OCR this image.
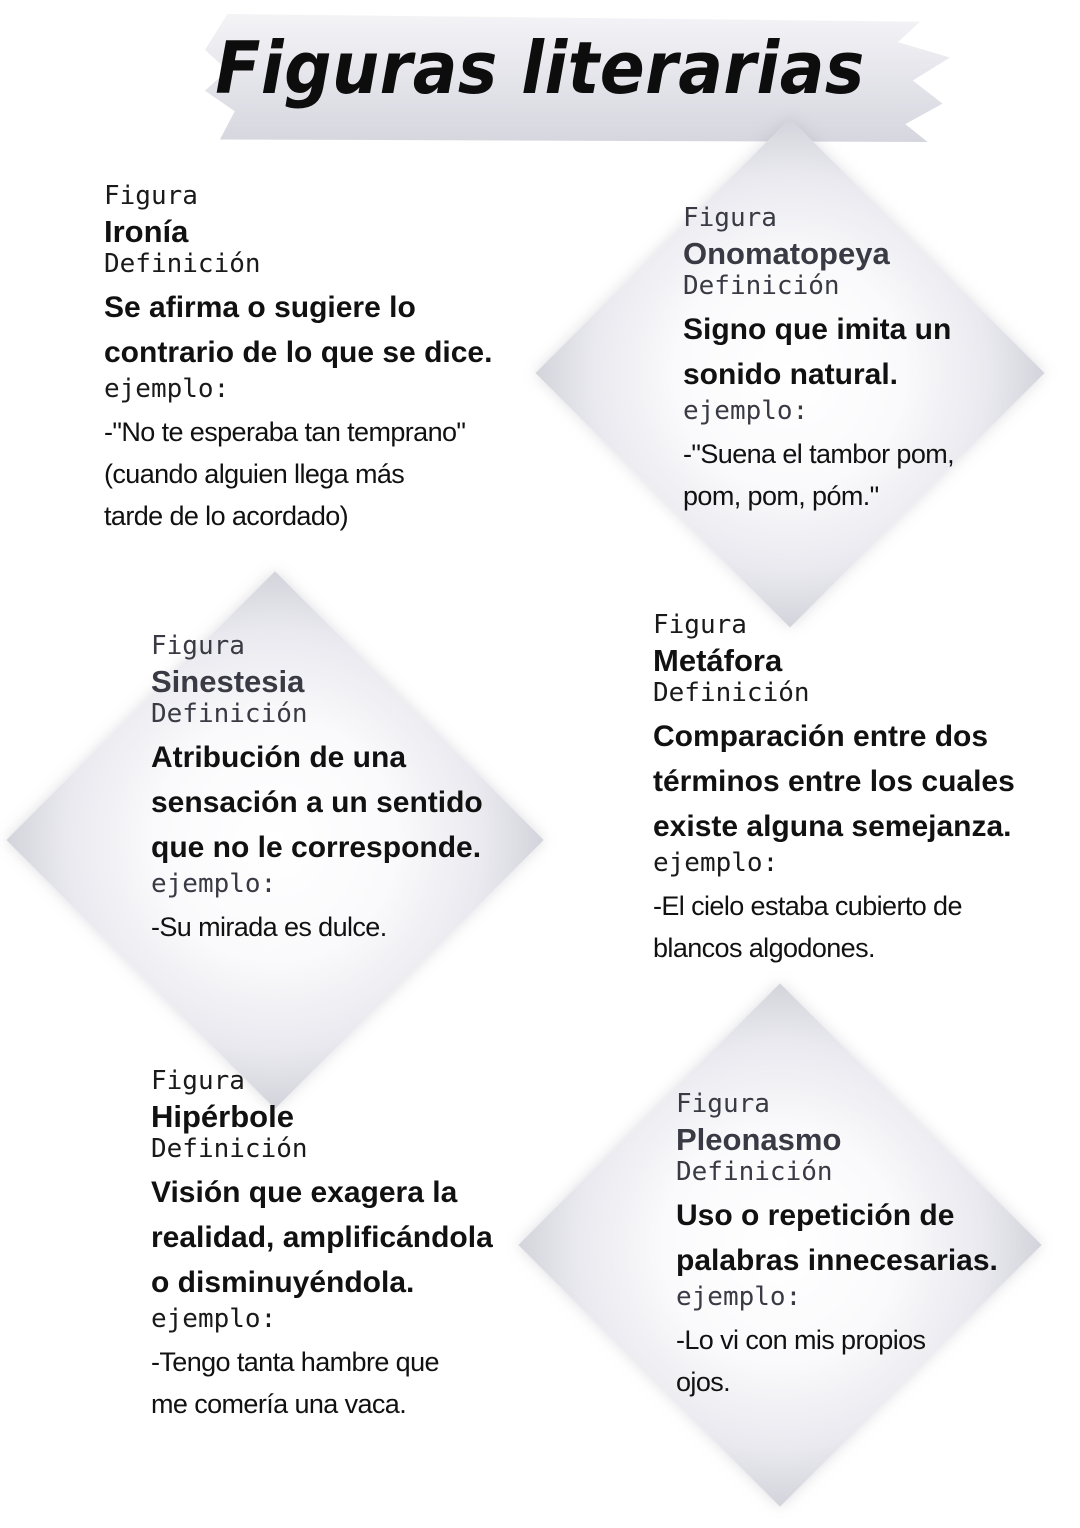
Figuras literarias

Figura

Ironía

Definición

Se afirma o sugiere lo

contrario de lo que se dice.

ejemplo:

-"No te esperaba tan temprano"

(cuando alguien llega más

tarde de lo acordado)

Figura

Onomatopeya

Definición

Signo que imita un

sonido natural.

ejemplo:

-"Suena el tambor pom,

pom, pom, póm."

Figura

Sinestesia

Definición

Atribución de una

sensación a un sentido

que no le corresponde.

ejemplo:

-Su mirada es dulce.

Figura

Metáfora

Definición

Comparación entre dos

términos entre los cuales

existe alguna semejanza.

ejemplo:

-El cielo estaba cubierto de

blancos algodones.

Figura

Hipérbole

Definición

Visión que exagera la

realidad, amplificándola

o disminuyéndola.

ejemplo:

-Tengo tanta hambre que

me comería una vaca.

Figura

Pleonasmo

Definición

Uso o repetición de

palabras innecesarias.

ejemplo:

-Lo vi con mis propios

ojos.
